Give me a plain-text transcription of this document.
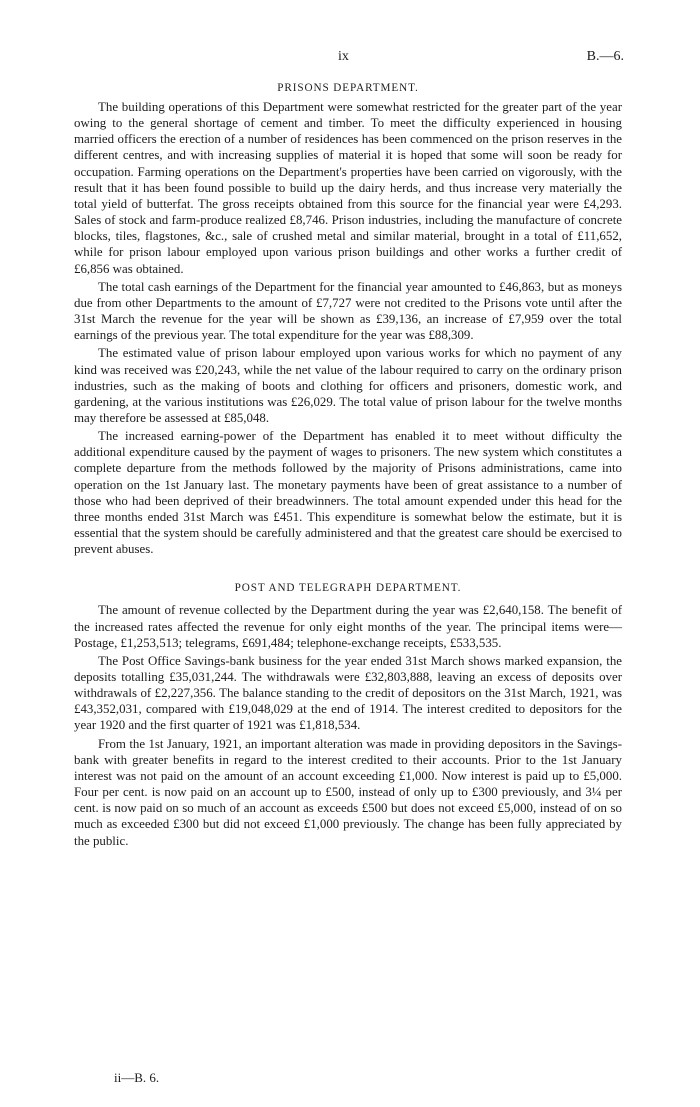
ix	B.—6.
PRISONS DEPARTMENT.

The building operations of this Department were somewhat restricted for the greater part of the year owing to the general shortage of cement and timber. To meet the difficulty experienced in housing married officers the erection of a number of residences has been commenced on the prison reserves in the different centres, and with increasing supplies of material it is hoped that some will soon be ready for occupation. Farming operations on the Department's properties have been carried on vigorously, with the result that it has been found possible to build up the dairy herds, and thus increase very materially the total yield of butterfat. The gross receipts obtained from this source for the financial year were £4,293. Sales of stock and farm-produce realized £8,746. Prison industries, including the manufacture of concrete blocks, tiles, flagstones, &c., sale of crushed metal and similar material, brought in a total of £11,652, while for prison labour employed upon various prison buildings and other works a further credit of £6,856 was obtained.

The total cash earnings of the Department for the financial year amounted to £46,863, but as moneys due from other Departments to the amount of £7,727 were not credited to the Prisons vote until after the 31st March the revenue for the year will be shown as £39,136, an increase of £7,959 over the total earnings of the previous year. The total expenditure for the year was £88,309.

The estimated value of prison labour employed upon various works for which no payment of any kind was received was £20,243, while the net value of the labour required to carry on the ordinary prison industries, such as the making of boots and clothing for officers and prisoners, domestic work, and gardening, at the various institutions was £26,029. The total value of prison labour for the twelve months may therefore be assessed at £85,048.

The increased earning-power of the Department has enabled it to meet without difficulty the additional expenditure caused by the payment of wages to prisoners. The new system which constitutes a complete departure from the methods followed by the majority of Prisons administrations, came into operation on the 1st January last. The monetary payments have been of great assistance to a number of those who had been deprived of their breadwinners. The total amount expended under this head for the three months ended 31st March was £451. This expenditure is somewhat below the estimate, but it is essential that the system should be carefully administered and that the greatest care should be exercised to prevent abuses.

POST AND TELEGRAPH DEPARTMENT.

The amount of revenue collected by the Department during the year was £2,640,158. The benefit of the increased rates affected the revenue for only eight months of the year. The principal items were—Postage, £1,253,513; telegrams, £691,484; telephone-exchange receipts, £533,535.

The Post Office Savings-bank business for the year ended 31st March shows marked expansion, the deposits totalling £35,031,244. The withdrawals were £32,803,888, leaving an excess of deposits over withdrawals of £2,227,356. The balance standing to the credit of depositors on the 31st March, 1921, was £43,352,031, compared with £19,048,029 at the end of 1914. The interest credited to depositors for the year 1920 and the first quarter of 1921 was £1,818,534.

From the 1st January, 1921, an important alteration was made in providing depositors in the Savings-bank with greater benefits in regard to the interest credited to their accounts. Prior to the 1st January interest was not paid on the amount of an account exceeding £1,000. Now interest is paid up to £5,000. Four per cent. is now paid on an account up to £500, instead of only up to £300 previously, and 3¼ per cent. is now paid on so much of an account as exceeds £500 but does not exceed £5,000, instead of on so much as exceeded £300 but did not exceed £1,000 previously. The change has been fully appreciated by the public.

ii—B. 6.
